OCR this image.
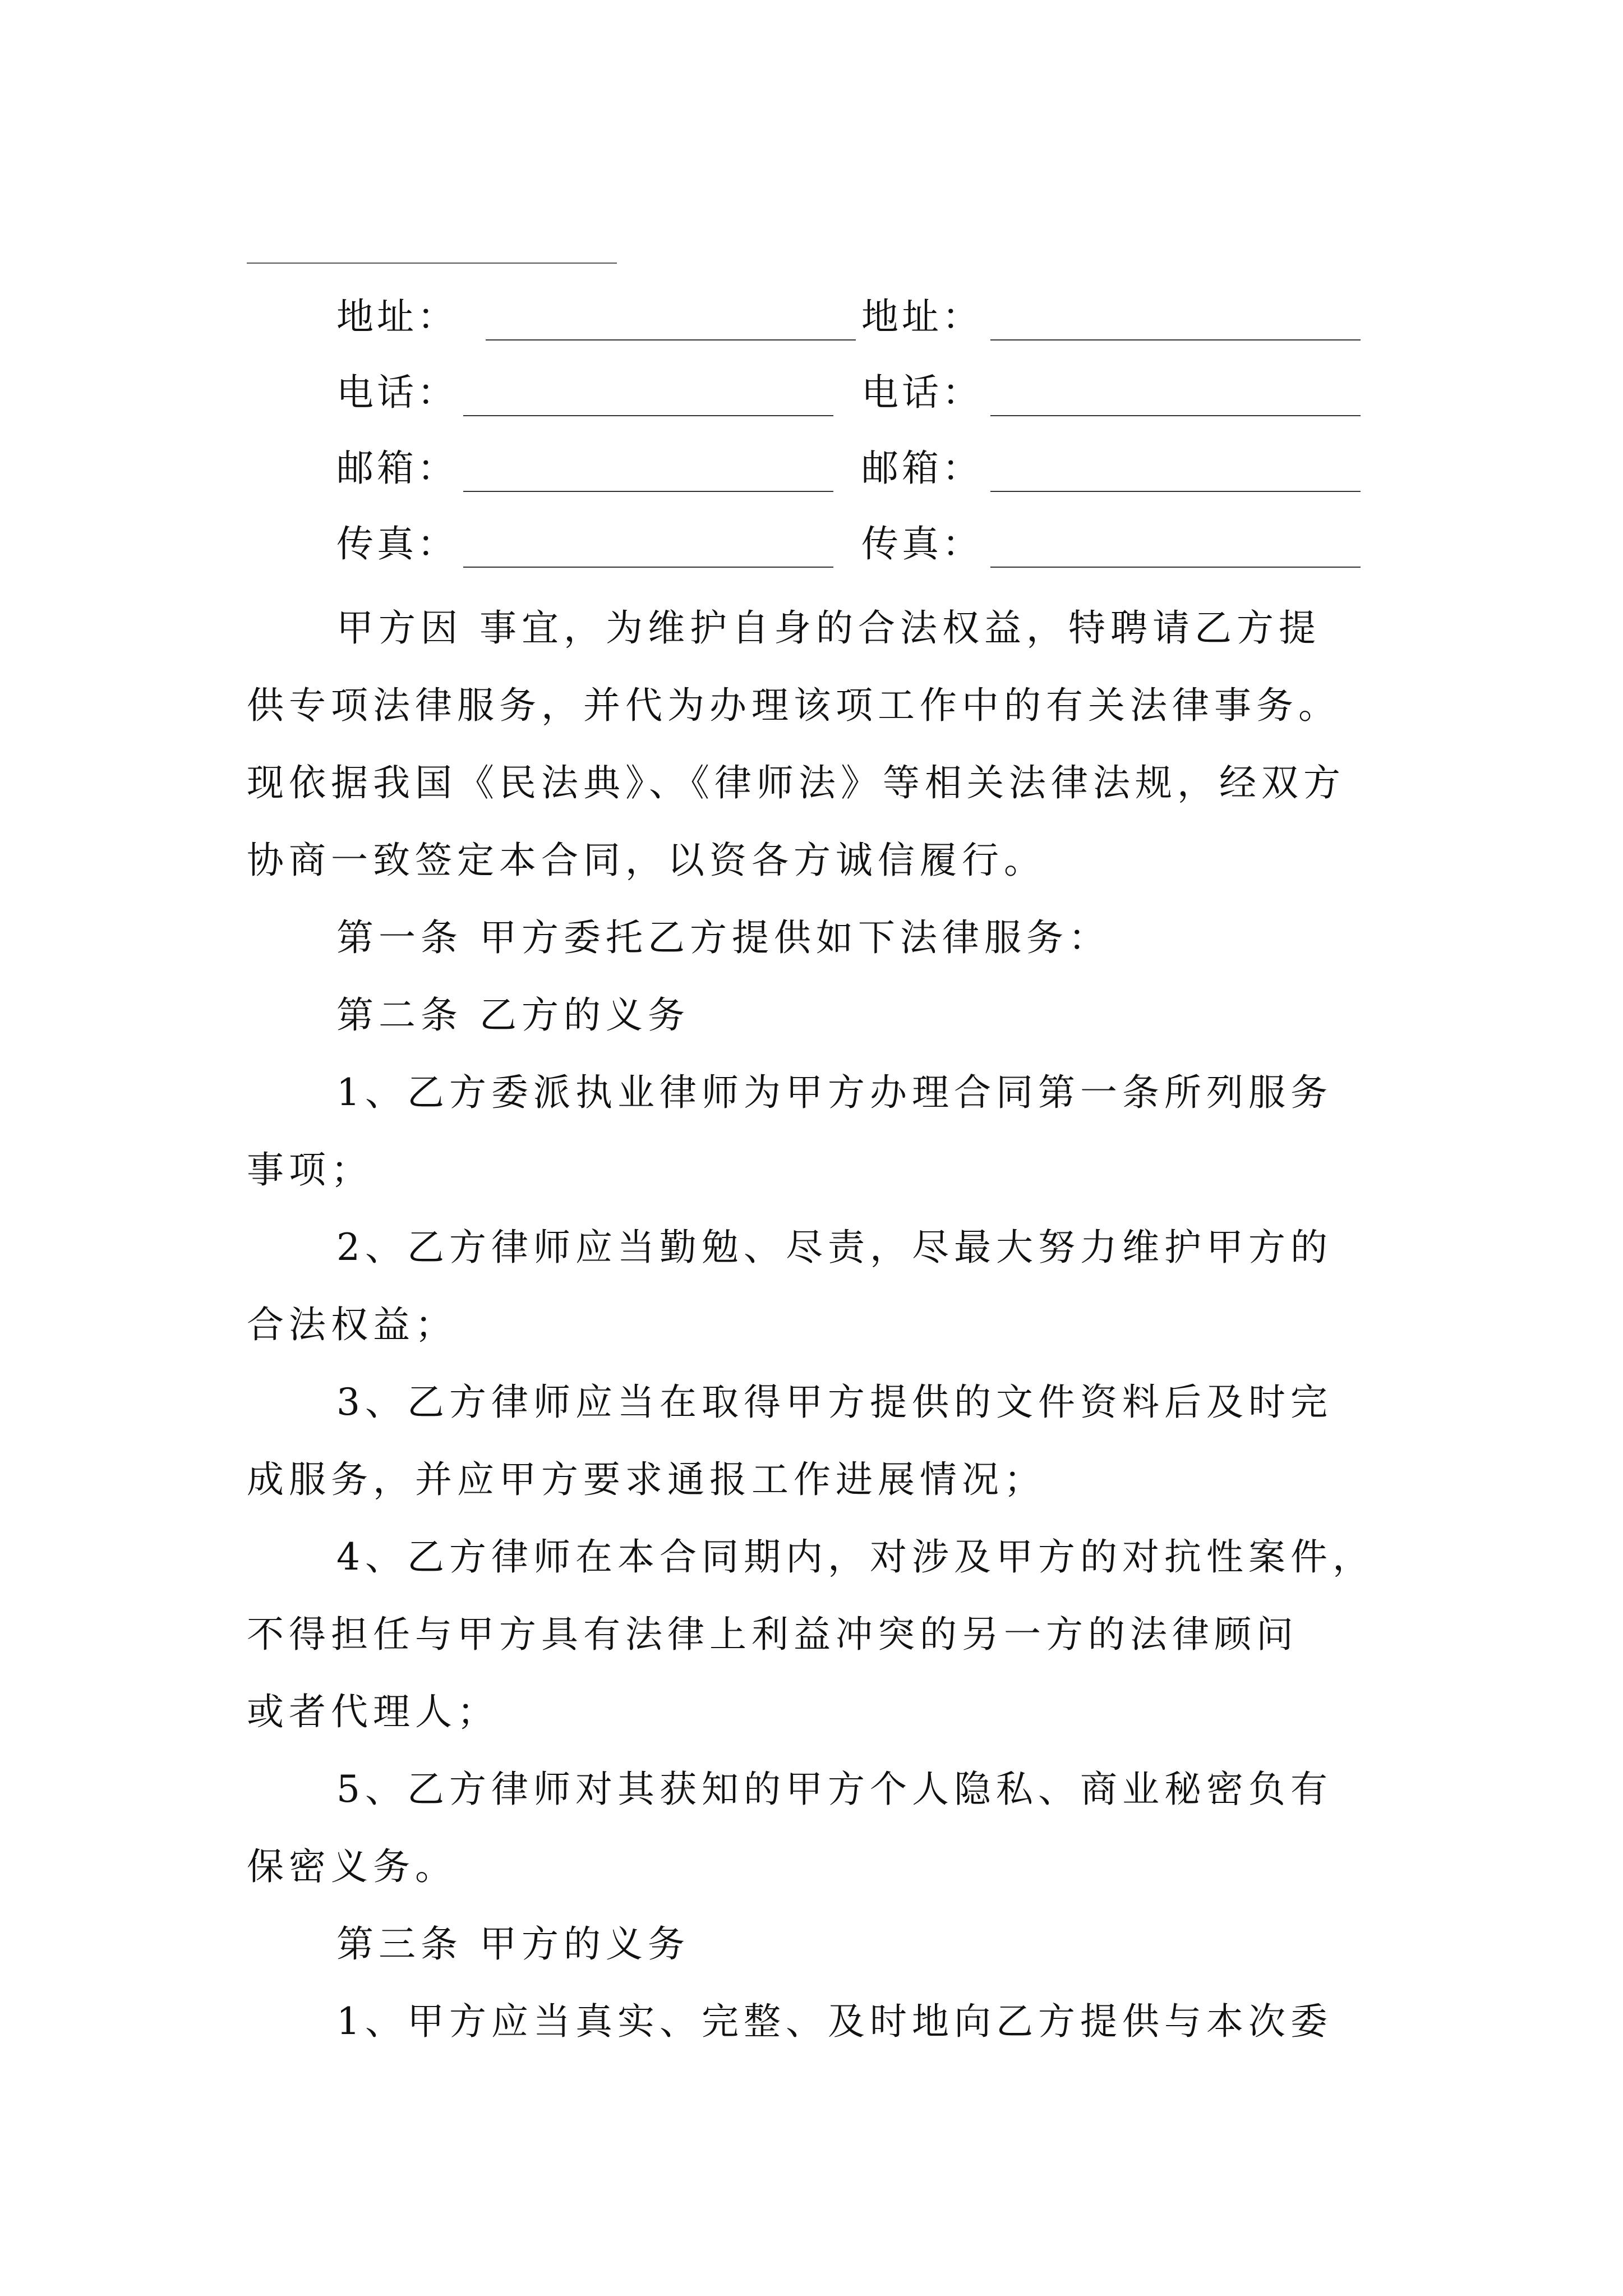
地址：	地址：
电话：	电话：
邮箱：	邮箱：
传真：	传真：
甲方因 事宜，为维护自身的合法权益，特聘请乙方提
供专项法律服务，并代为办理该项工作中的有关法律事务。
现依据我国《民法典》、《律师法》等相关法律法规，经双方
协商一致签定本合同，以资各方诚信履行。
第一条 甲方委托乙方提供如下法律服务：
第二条 乙方的义务
1、乙方委派执业律师为甲方办理合同第一条所列服务
事项；
2、乙方律师应当勤勉、尽责，尽最大努力维护甲方的
合法权益；
3、乙方律师应当在取得甲方提供的文件资料后及时完
成服务，并应甲方要求通报工作进展情况；
4、乙方律师在本合同期内，对涉及甲方的对抗性案件，
不得担任与甲方具有法律上利益冲突的另一方的法律顾问
或者代理人；
5、乙方律师对其获知的甲方个人隐私、商业秘密负有
保密义务。
第三条 甲方的义务
1、甲方应当真实、完整、及时地向乙方提供与本次委
